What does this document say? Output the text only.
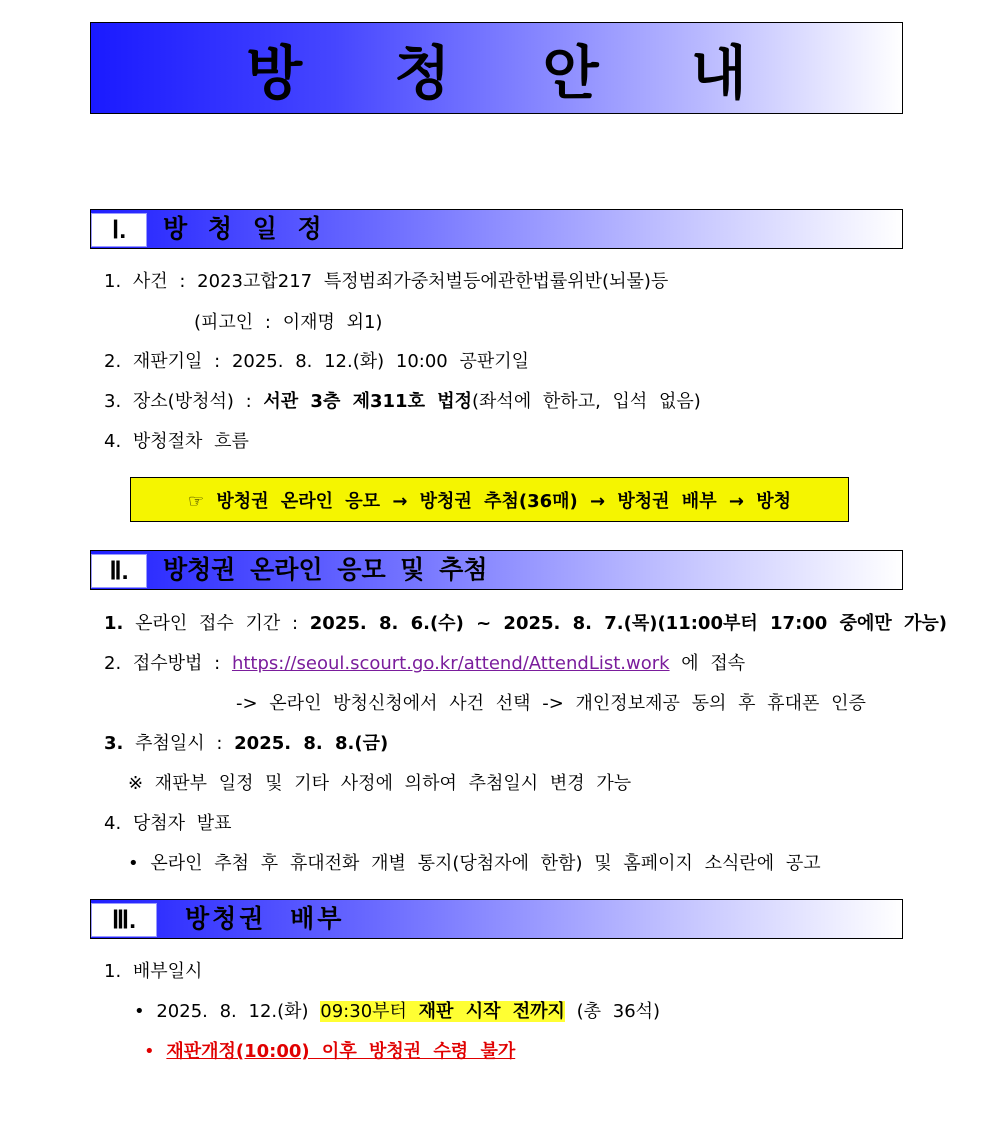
방 청 안 내
Ⅰ.	방 청 일 정
1. 사건 : 2023고합217 특정범죄가중처벌등에관한법률위반(뇌물)등
(피고인 : 이재명 외1)
2. 재판기일 : 2025. 8. 12.(화) 10:00 공판기일
3. 장소(방청석) : 서관 3층 제311호 법정(좌석에 한하고, 입석 없음)
4. 방청절차 흐름
☞ 방청권 온라인 응모 → 방청권 추첨(36매) → 방청권 배부 → 방청
Ⅱ.	방청권 온라인 응모 및 추첨
1. 온라인 접수 기간 : 2025. 8. 6.(수) ~ 2025. 8. 7.(목)(11:00부터 17:00 중에만 가능)
2. 접수방법 : https://seoul.scourt.go.kr/attend/AttendList.work 에 접속
-> 온라인 방청신청에서 사건 선택 -> 개인정보제공 동의 후 휴대폰 인증
3. 추첨일시 : 2025. 8. 8.(금)
※ 재판부 일정 및 기타 사정에 의하여 추첨일시 변경 가능
4. 당첨자 발표
• 온라인 추첨 후 휴대전화 개별 통지(당첨자에 한함) 및 홈페이지 소식란에 공고
Ⅲ.	방청권 배부
1. 배부일시
• 2025. 8. 12.(화) 09:30부터 재판 시작 전까지 (총 36석)
• 재판개정(10:00) 이후 방청권 수령 불가
